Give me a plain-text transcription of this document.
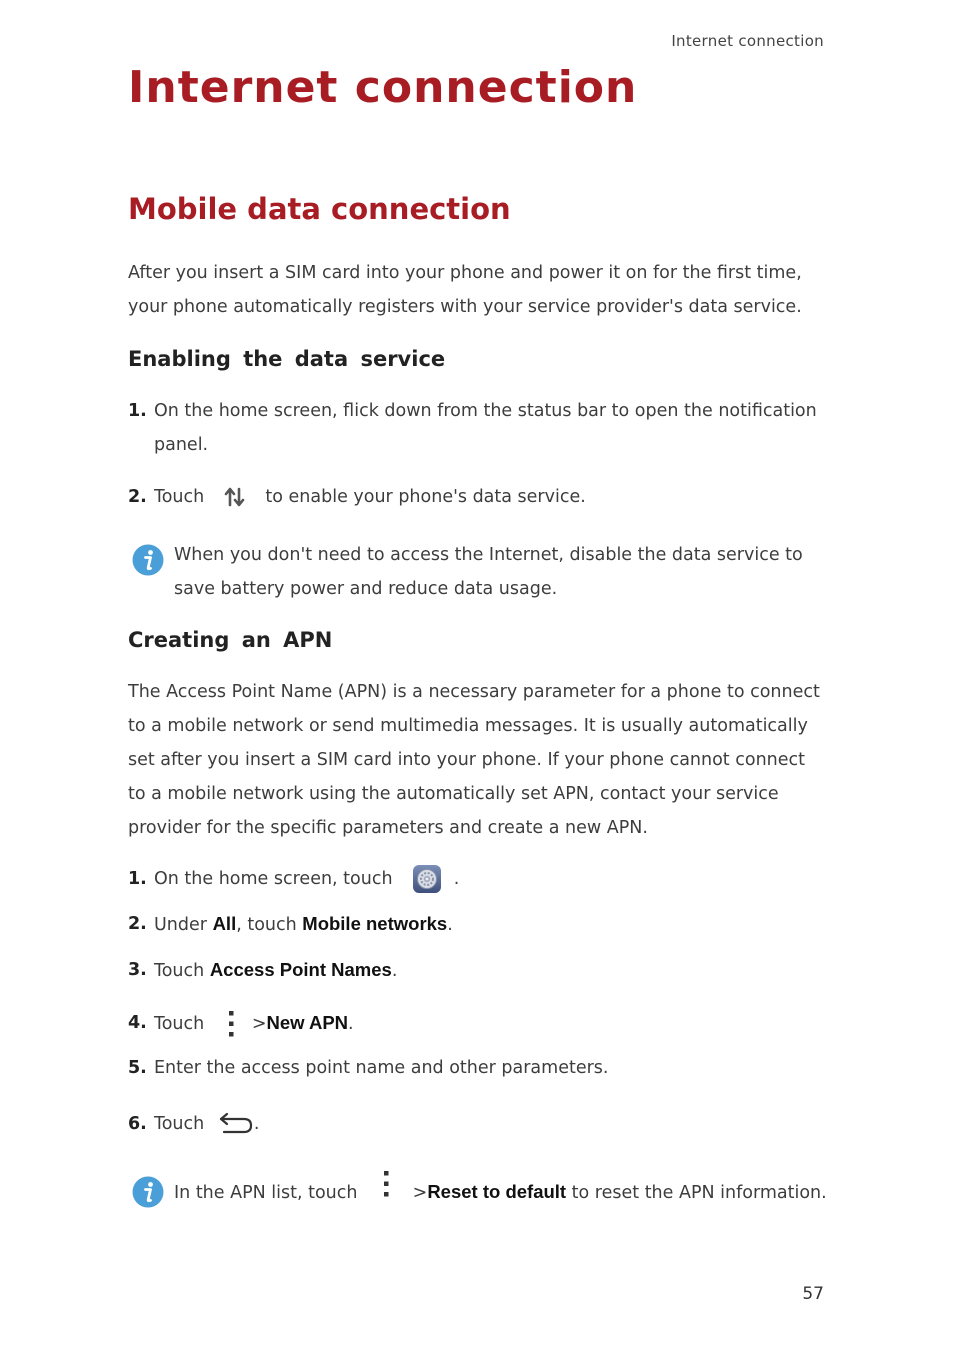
Internet connection
Internet connection
Mobile data connection

After you insert a SIM card into your phone and power it on for the first time, your phone automatically registers with your service provider's data service.

Enabling the data service
1. On the home screen, flick down from the status bar to open the notification panel.
2. Touch	to enable your phone's data service.
When you don't need to access the Internet, disable the data service to save battery power and reduce data usage.
Creating an APN

The Access Point Name (APN) is a necessary parameter for a phone to connect to a mobile network or send multimedia messages. It is usually automatically set after you insert a SIM card into your phone. If your phone cannot connect to a mobile network using the automatically set APN, contact your service provider for the specific parameters and create a new APN.

1. On the home screen, touch	.
2. Under All, touch Mobile networks.
3. Touch Access Point Names.
4. Touch	>New APN.
5. Enter the access point name and other parameters.
6. Touch	.
In the APN list, touch	>Reset to default to reset the APN information.
57
